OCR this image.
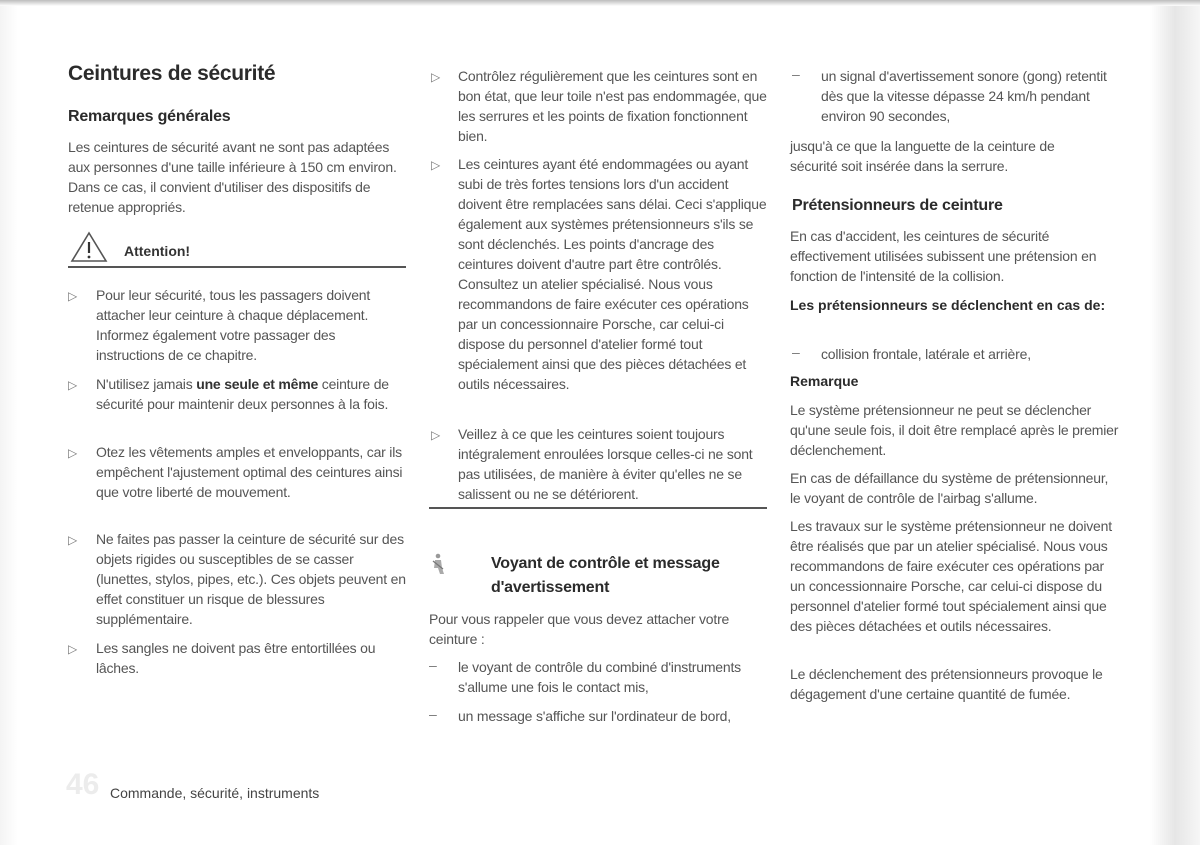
Ceintures de sécurité
Remarques générales

Les ceintures de sécurité avant ne sont pas adaptées aux personnes d'une taille inférieure à 150 cm environ. Dans ce cas, il convient d'utiliser des dispositifs de retenue appropriés.

Attention!
▷ Pour leur sécurité, tous les passagers doivent attacher leur ceinture à chaque déplacement. Informez également votre passager des instructions de ce chapitre.

▷ N'utilisez jamais une seule et même ceinture de sécurité pour maintenir deux personnes à la fois.

▷ Otez les vêtements amples et enveloppants, car ils empêchent l'ajustement optimal des ceintures ainsi que votre liberté de mouvement.

▷ Ne faites pas passer la ceinture de sécurité sur des objets rigides ou susceptibles de se casser (lunettes, stylos, pipes, etc.). Ces objets peuvent en effet constituer un risque de blessures supplémentaire.

▷ Les sangles ne doivent pas être entortillées ou lâches.

▷ Contrôlez régulièrement que les ceintures sont en bon état, que leur toile n'est pas endommagée, que les serrures et les points de fixation fonctionnent bien.

▷ Les ceintures ayant été endommagées ou ayant subi de très fortes tensions lors d'un accident doivent être remplacées sans délai. Ceci s'applique également aux systèmes prétensionneurs s'ils se sont déclenchés. Les points d'ancrage des ceintures doivent d'autre part être contrôlés. Consultez un atelier spécialisé. Nous vous recommandons de faire exécuter ces opérations par un concessionnaire Porsche, car celui-ci dispose du personnel d'atelier formé tout spécialement ainsi que des pièces détachées et outils nécessaires.

▷ Veillez à ce que les ceintures soient toujours intégralement enroulées lorsque celles-ci ne sont pas utilisées, de manière à éviter qu'elles ne se salissent ou ne se détériorent.

Voyant de contrôle et message d'avertissement

Pour vous rappeler que vous devez attacher votre ceinture :

– le voyant de contrôle du combiné d'instruments s'allume une fois le contact mis,

– un message s'affiche sur l'ordinateur de bord,

– un signal d'avertissement sonore (gong) retentit dès que la vitesse dépasse 24 km/h pendant environ 90 secondes,

jusqu'à ce que la languette de la ceinture de sécurité soit insérée dans la serrure.

Prétensionneurs de ceinture

En cas d'accident, les ceintures de sécurité effectivement utilisées subissent une prétension en fonction de l'intensité de la collision.

Les prétensionneurs se déclenchent en cas de:
– collision frontale, latérale et arrière,

Remarque

Le système prétensionneur ne peut se déclencher qu'une seule fois, il doit être remplacé après le premier déclenchement.

En cas de défaillance du système de prétensionneur, le voyant de contrôle de l'airbag s'allume.

Les travaux sur le système prétensionneur ne doivent être réalisés que par un atelier spécialisé. Nous vous recommandons de faire exécuter ces opérations par un concessionnaire Porsche, car celui-ci dispose du personnel d'atelier formé tout spécialement ainsi que des pièces détachées et outils nécessaires.

Le déclenchement des prétensionneurs provoque le dégagement d'une certaine quantité de fumée.

46 Commande, sécurité, instruments
